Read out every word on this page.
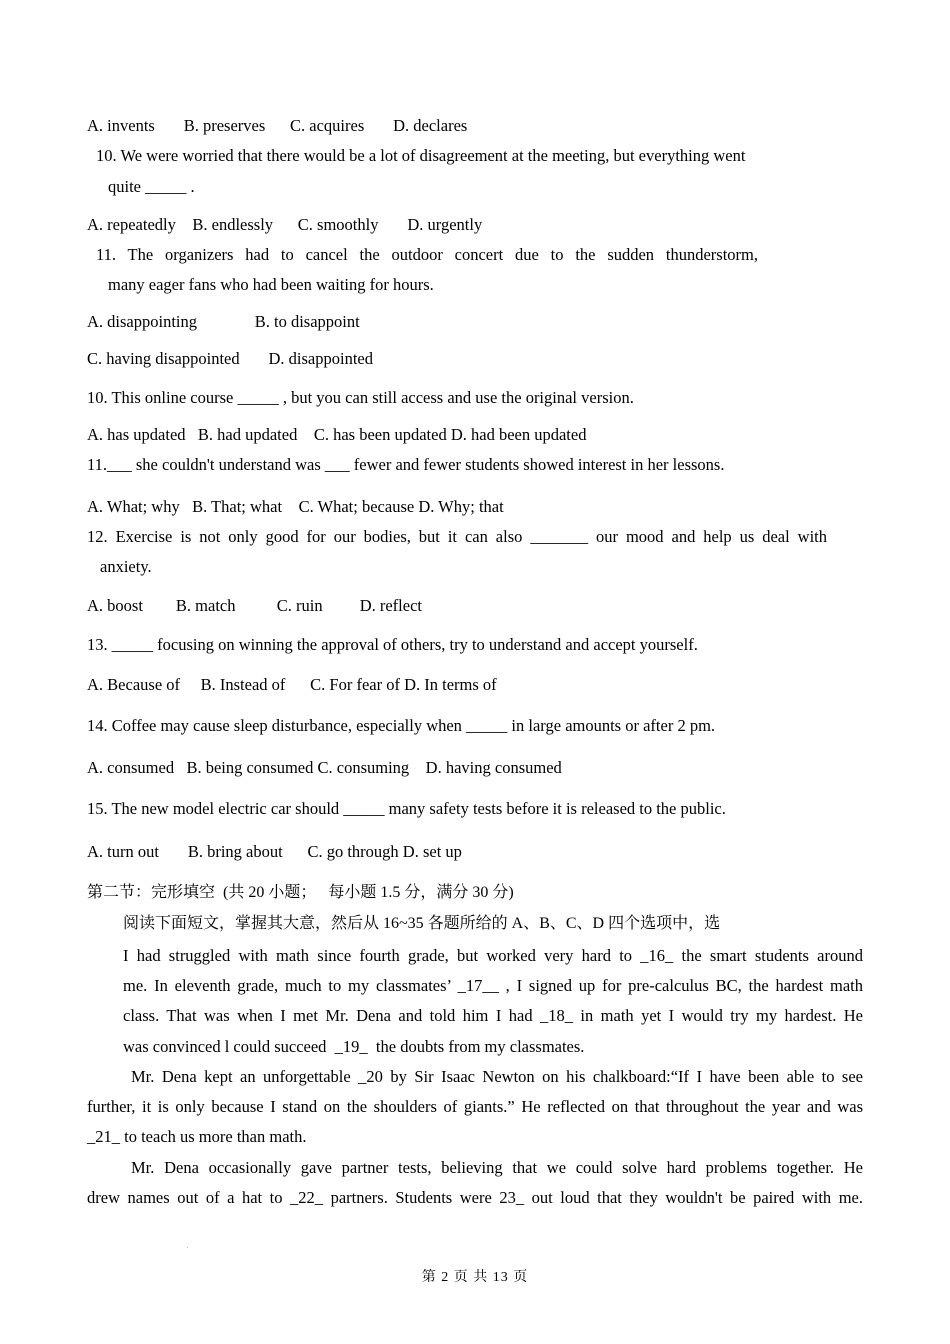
A. invents       B. preserves      C. acquires       D. declares
10. We were worried that there would be a lot of disagreement at the meeting, but everything went
quite _____ .
A. repeatedly    B. endlessly      C. smoothly       D. urgently
11. The organizers had to cancel the outdoor concert due to the sudden thunderstorm,
many eager fans who had been waiting for hours.
A. disappointing              B. to disappoint
C. having disappointed       D. disappointed
10. This online course _____ , but you can still access and use the original version.
A. has updated   B. had updated    C. has been updated D. had been updated
11.___ she couldn't understand was ___ fewer and fewer students showed interest in her lessons.
A. What; why   B. That; what    C. What; because D. Why; that
12. Exercise is not only good for our bodies, but it can also _______ our mood and help us deal with
anxiety.
A. boost        B. match          C. ruin         D. reflect
13. _____ focusing on winning the approval of others, try to understand and accept yourself.
A. Because of     B. Instead of      C. For fear of D. In terms of
14. Coffee may cause sleep disturbance, especially when _____ in large amounts or after 2 pm.
A. consumed   B. being consumed C. consuming    D. having consumed
15. The new model electric car should _____ many safety tests before it is released to the public.
A. turn out       B. bring about      C. go through D. set up
第二节：完形填空  (共 20 小题；   每小题 1.5 分，满分 30 分)
阅读下面短文，掌握其大意，然后从 16~35 各题所给的 A、B、C、D 四个选项中，选
I had struggled with math since fourth grade, but worked very hard to _16_ the smart students around
me. In eleventh grade, much to my classmates’ _17__ , I signed up for pre-calculus BC, the hardest math
class. That was when I met Mr. Dena and told him I had _18_ in math yet I would try my hardest. He
was convinced l could succeed  _19_  the doubts from my classmates.
Mr. Dena kept an unforgettable _20 by Sir Isaac Newton on his chalkboard:“If I have been able to see
further, it is only because I stand on the shoulders of giants.” He reflected on that throughout the year and was
_21_ to teach us more than math.
Mr. Dena occasionally gave partner tests, believing that we could solve hard problems together. He
drew names out of a hat to _22_ partners. Students were 23_ out loud that they wouldn't be paired with me.
第 2 页 共 13 页
